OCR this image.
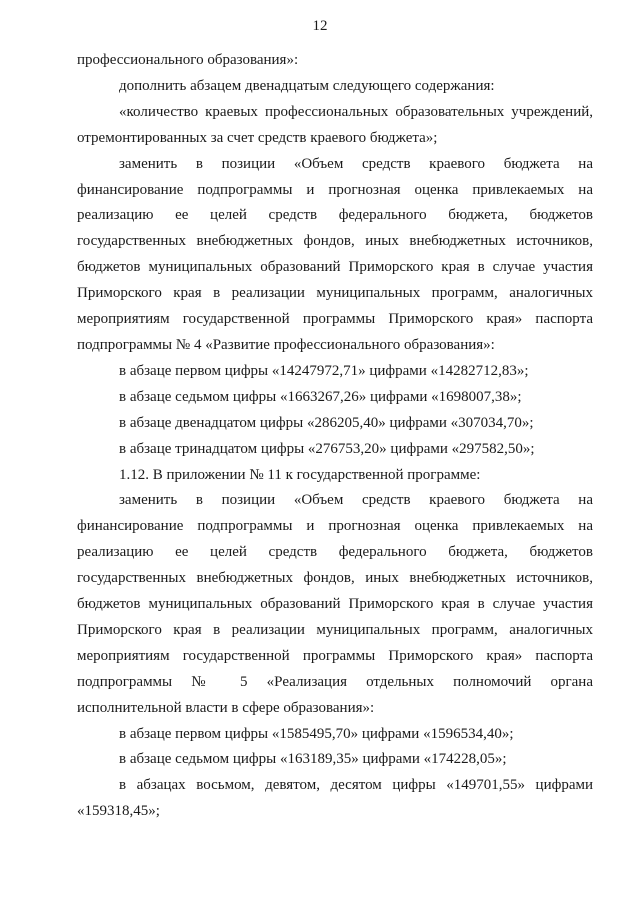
12

профессионального образования»:

дополнить абзацем двенадцатым следующего содержания:

«количество краевых профессиональных образовательных учреждений, отремонтированных за счет средств краевого бюджета»;

заменить в позиции «Объем средств краевого бюджета на финансирование подпрограммы и прогнозная оценка привлекаемых на реализацию ее целей средств федерального бюджета, бюджетов государственных внебюджетных фондов, иных внебюджетных источников, бюджетов муниципальных образований Приморского края в случае участия Приморского края в реализации муниципальных программ, аналогичных мероприятиям государственной программы Приморского края» паспорта подпрограммы № 4 «Развитие профессионального образования»:

в абзаце первом цифры «14247972,71» цифрами «14282712,83»;

в абзаце седьмом цифры «1663267,26» цифрами «1698007,38»;

в абзаце двенадцатом цифры «286205,40» цифрами «307034,70»;

в абзаце тринадцатом цифры «276753,20» цифрами «297582,50»;

1.12. В приложении № 11 к государственной программе:

заменить в позиции «Объем средств краевого бюджета на финансирование подпрограммы и прогнозная оценка привлекаемых на реализацию ее целей средств федерального бюджета, бюджетов государственных внебюджетных фондов, иных внебюджетных источников, бюджетов муниципальных образований Приморского края в случае участия Приморского края в реализации муниципальных программ, аналогичных мероприятиям государственной программы Приморского края» паспорта подпрограммы № 5 «Реализация отдельных полномочий органа исполнительной власти в сфере образования»:

в абзаце первом цифры «1585495,70» цифрами «1596534,40»;

в абзаце седьмом цифры «163189,35» цифрами «174228,05»;

в абзацах восьмом, девятом, десятом цифры «149701,55» цифрами «159318,45»;
